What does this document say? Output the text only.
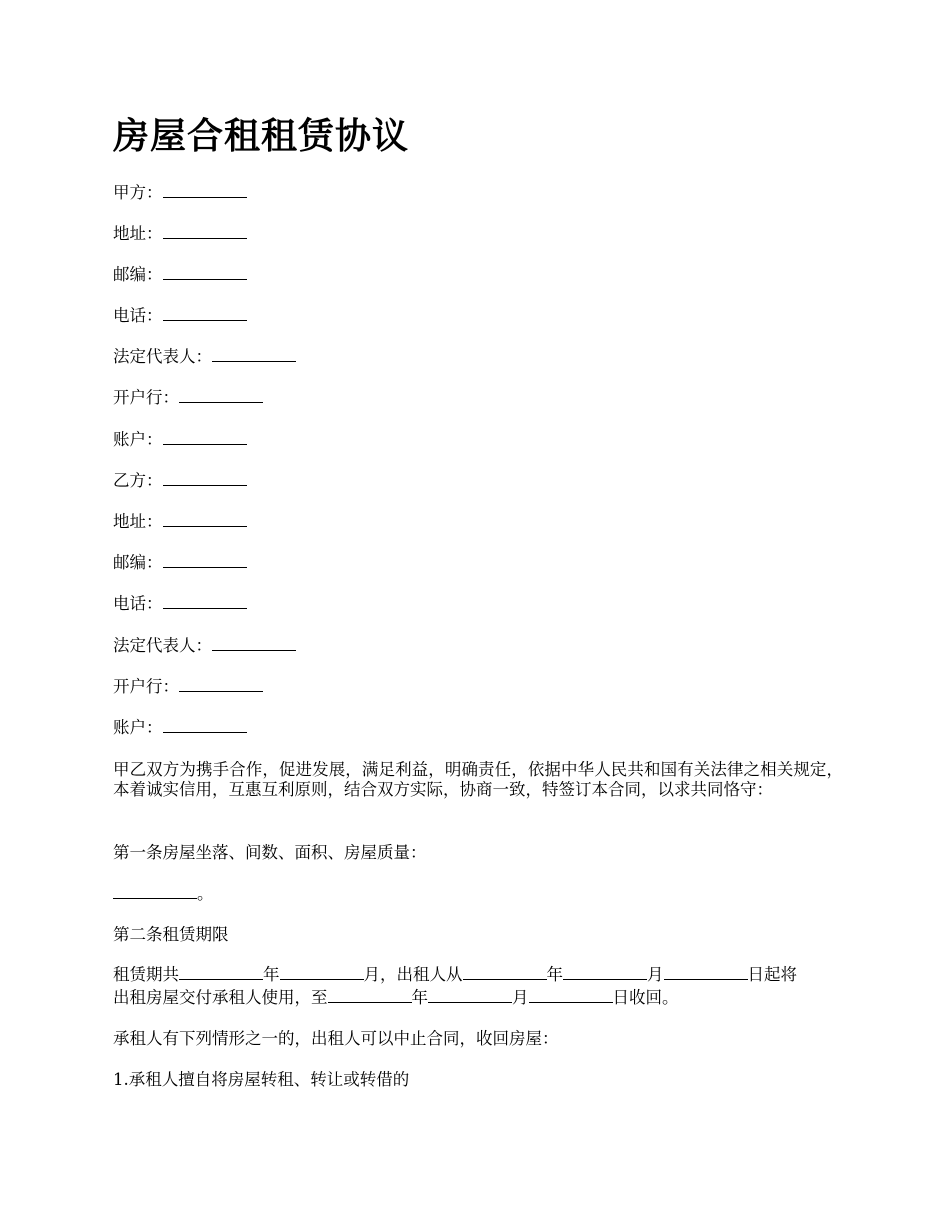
房屋合租租赁协议

甲方：

地址：

邮编：

电话：

法定代表人：

开户行：

账户：

乙方：

地址：

邮编：

电话：

法定代表人：

开户行：

账户：

甲乙双方为携手合作，促进发展，满足利益，明确责任，依据中华人民共和国有关法律之相关规定，本着诚实信用，互惠互利原则，结合双方实际，协商一致，特签订本合同，以求共同恪守：

第一条房屋坐落、间数、面积、房屋质量：

。

第二条租赁期限

租赁期共	年	月，出租人从	年	月	日起将

出租房屋交付承租人使用，至	年	月	日收回。

承租人有下列情形之一的，出租人可以中止合同，收回房屋：

1.承租人擅自将房屋转租、转让或转借的
